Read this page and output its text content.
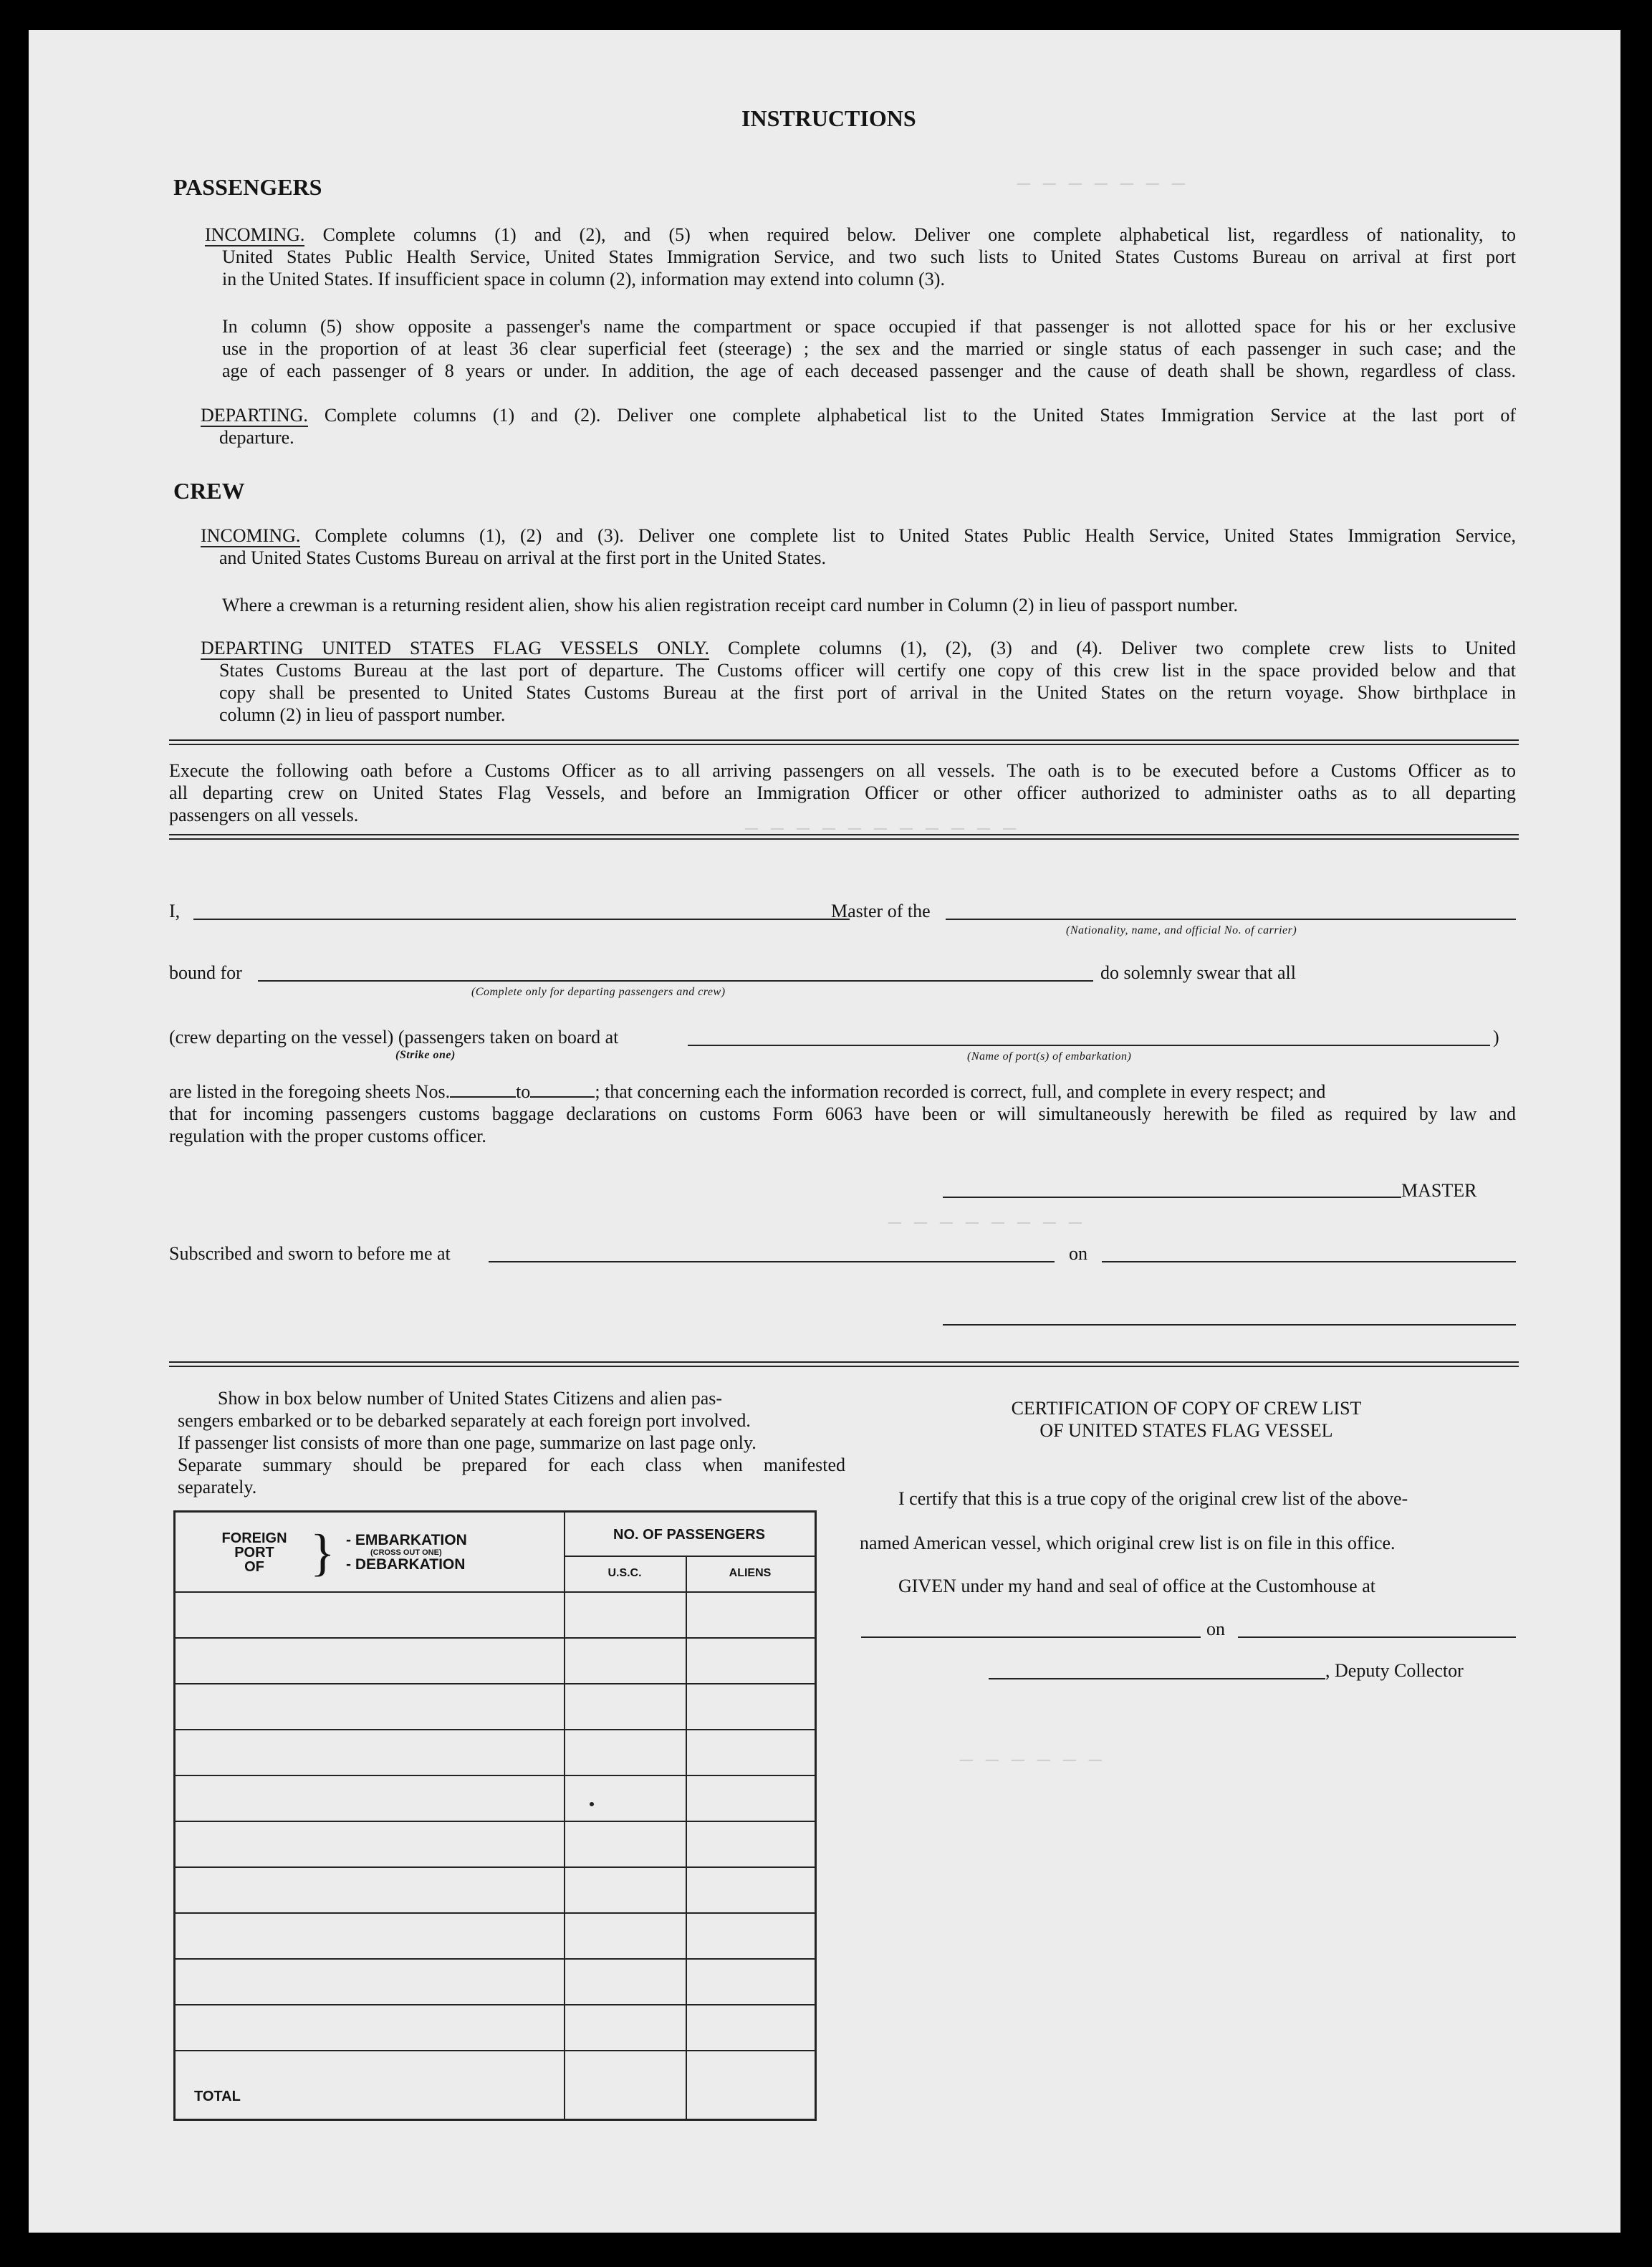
─ ─ ─ ─ ─ ─ ─
─ ─ ─ ─ ─ ─ ─ ─ ─ ─ ─
─ ─ ─ ─ ─ ─ ─ ─
─ ─ ─ ─ ─ ─
INSTRUCTIONS
PASSENGERS
INCOMING. Complete columns (1) and (2), and (5) when required below. Deliver one complete alphabetical list, regardless of nationality, to
United States Public Health Service, United States Immigration Service, and two such lists to United States Customs Bureau on arrival at first port
in the United States. If insufficient space in column (2), information may extend into column (3).
In column (5) show opposite a passenger's name the compartment or space occupied if that passenger is not allotted space for his or her exclusive
use in the proportion of at least 36 clear superficial feet (steerage) ; the sex and the married or single status of each passenger in such case; and the
age of each passenger of 8 years or under. In addition, the age of each deceased passenger and the cause of death shall be shown, regardless of class.
DEPARTING. Complete columns (1) and (2). Deliver one complete alphabetical list to the United States Immigration Service at the last port of
departure.
CREW
INCOMING. Complete columns (1), (2) and (3). Deliver one complete list to United States Public Health Service, United States Immigration Service,
and United States Customs Bureau on arrival at the first port in the United States.
Where a crewman is a returning resident alien, show his alien registration receipt card number in Column (2) in lieu of passport number.
DEPARTING UNITED STATES FLAG VESSELS ONLY. Complete columns (1), (2), (3) and (4). Deliver two complete crew lists to United
States Customs Bureau at the last port of departure. The Customs officer will certify one copy of this crew list in the space provided below and that
copy shall be presented to United States Customs Bureau at the first port of arrival in the United States on the return voyage. Show birthplace in
column (2) in lieu of passport number.
Execute the following oath before a Customs Officer as to all arriving passengers on all vessels. The oath is to be executed before a Customs Officer as to
all departing crew on United States Flag Vessels, and before an Immigration Officer or other officer authorized to administer oaths as to all departing
passengers on all vessels.
I,	Master of the
(Nationality, name, and official No. of carrier)
bound for
(Complete only for departing passengers and crew)
do solemnly swear that all
(crew departing on the vessel) (passengers taken on board at
(Strike one)	(Name of port(s) of embarkation)
)
are listed in the foregoing sheets Nos.	to	; that concerning each the information recorded is correct, full, and complete in every respect; and
that for incoming passengers customs baggage declarations on customs Form 6063 have been or will simultaneously herewith be filed as required by law and
regulation with the proper customs officer.
MASTER
Subscribed and sworn to before me at	on
Show in box below number of United States Citizens and alien pas-
sengers embarked or to be debarked separately at each foreign port involved.
If passenger list consists of more than one page, summarize on last page only.
Separate summary should be prepared for each class when manifested
separately.
FOREIGN
PORT
OF } - EMBARKATION
(CROSS OUT ONE)
- DEBARKATION
NO. OF PASSENGERS
U.S.C.	ALIENS
TOTAL
CERTIFICATION OF COPY OF CREW LIST
OF UNITED STATES FLAG VESSEL
I certify that this is a true copy of the original crew list of the above-
named American vessel, which original crew list is on file in this office.
GIVEN under my hand and seal of office at the Customhouse at
on
, Deputy Collector
